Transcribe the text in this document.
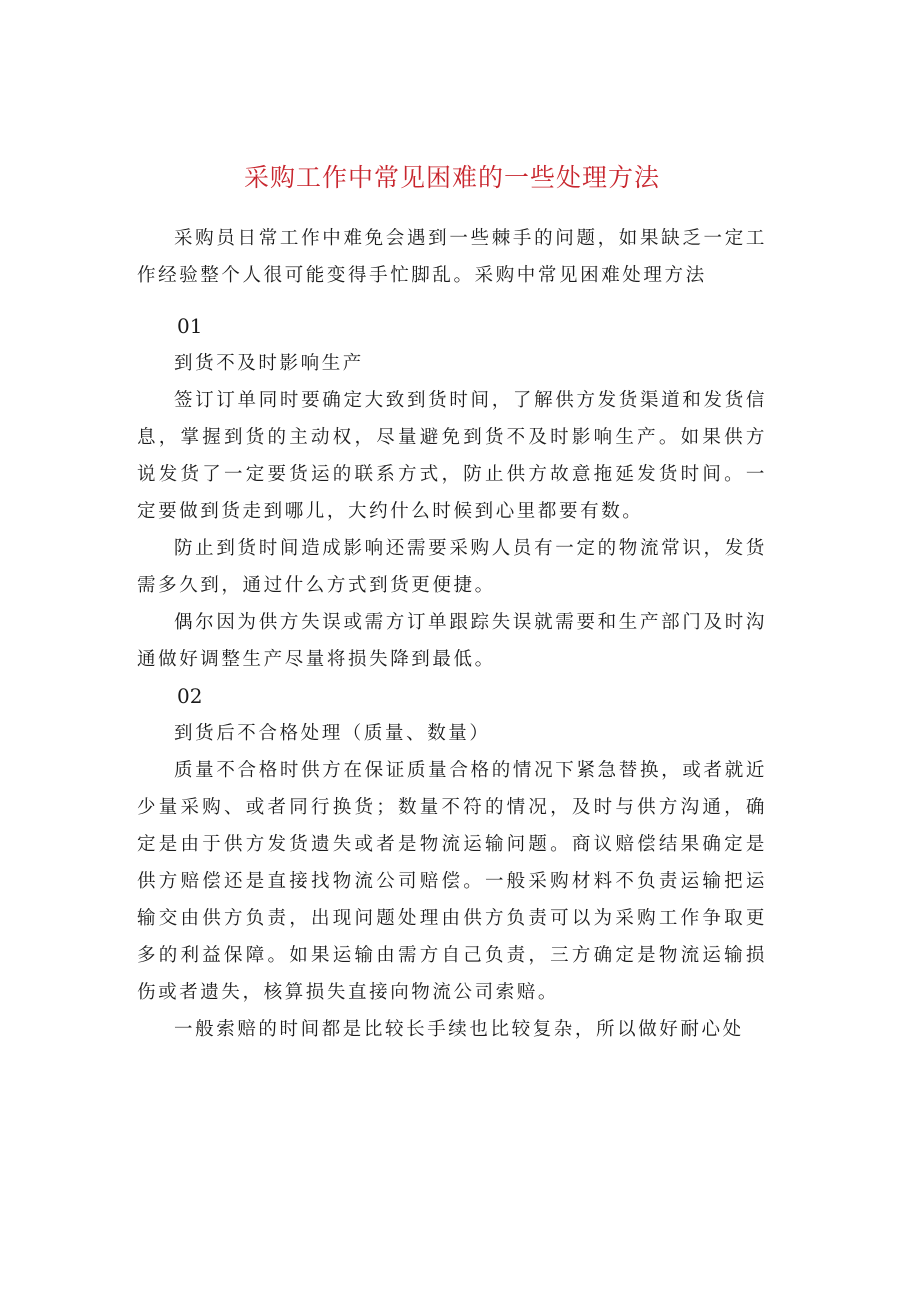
采购工作中常见困难的一些处理方法

采购员日常工作中难免会遇到一些棘手的问题，如果缺乏一定工作经验整个人很可能变得手忙脚乱。采购中常见困难处理方法

01

到货不及时影响生产

签订订单同时要确定大致到货时间，了解供方发货渠道和发货信息，掌握到货的主动权，尽量避免到货不及时影响生产。如果供方说发货了一定要货运的联系方式，防止供方故意拖延发货时间。一定要做到货走到哪儿，大约什么时候到心里都要有数。

防止到货时间造成影响还需要采购人员有一定的物流常识，发货需多久到，通过什么方式到货更便捷。

偶尔因为供方失误或需方订单跟踪失误就需要和生产部门及时沟通做好调整生产尽量将损失降到最低。

02

到货后不合格处理（质量、数量）

质量不合格时供方在保证质量合格的情况下紧急替换，或者就近少量采购、或者同行换货；数量不符的情况，及时与供方沟通，确定是由于供方发货遗失或者是物流运输问题。商议赔偿结果确定是供方赔偿还是直接找物流公司赔偿。一般采购材料不负责运输把运输交由供方负责，出现问题处理由供方负责可以为采购工作争取更多的利益保障。如果运输由需方自己负责，三方确定是物流运输损伤或者遗失，核算损失直接向物流公司索赔。

一般索赔的时间都是比较长手续也比较复杂，所以做好耐心处
